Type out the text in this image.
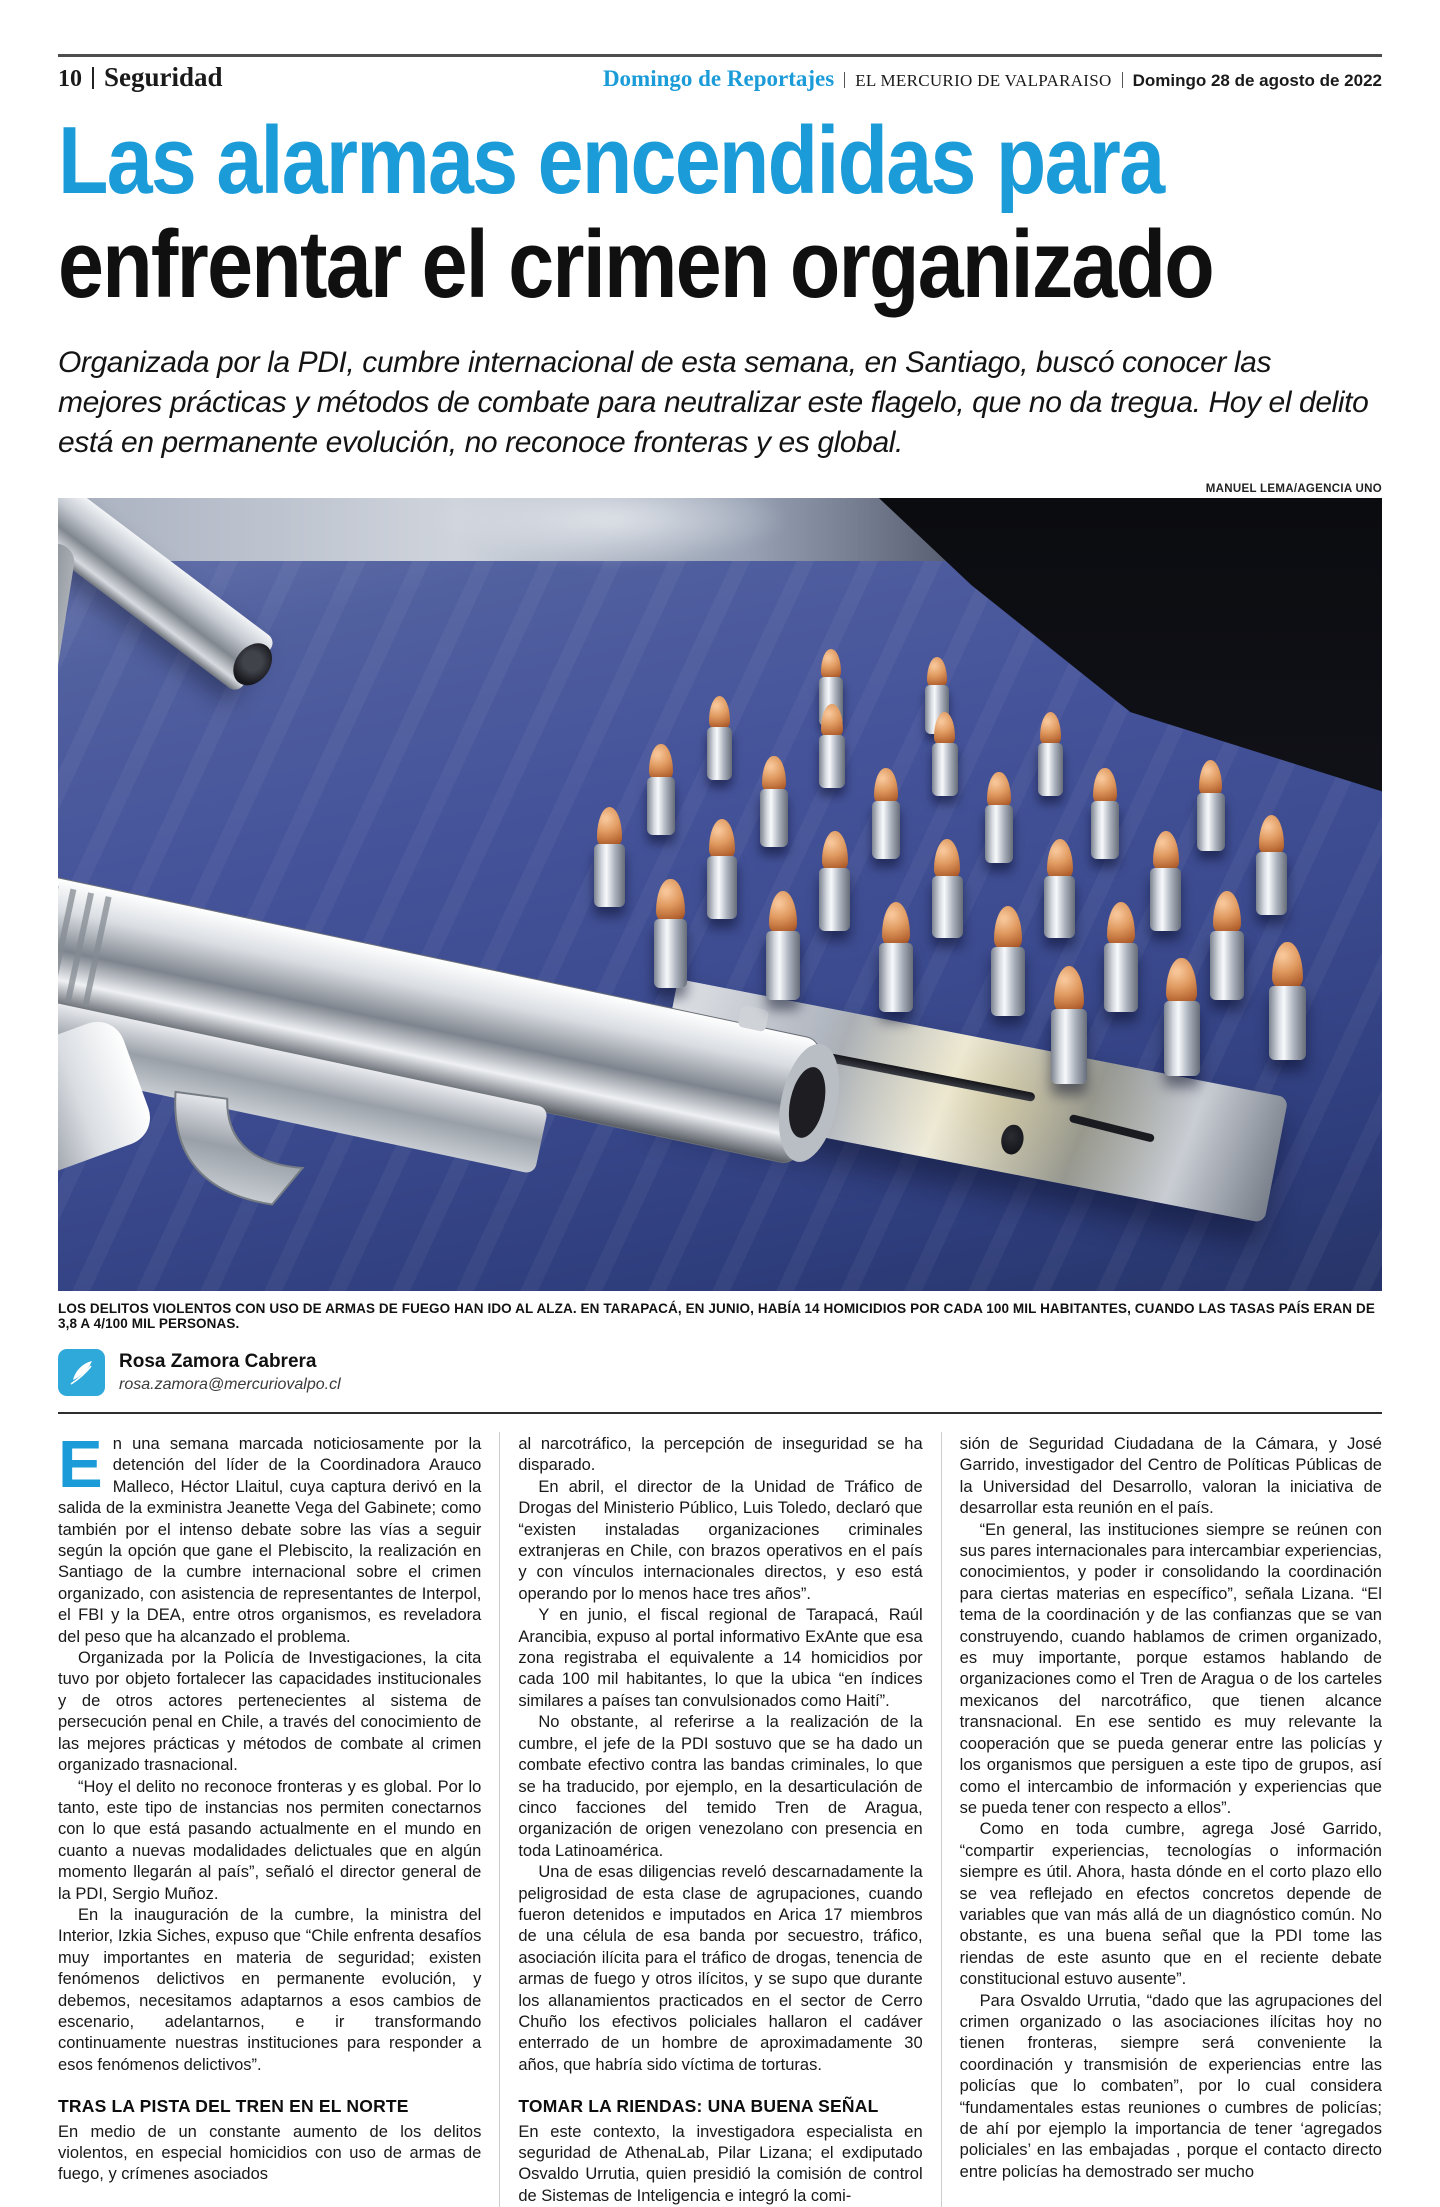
10 Seguridad	Domingo de Reportajes EL MERCURIO DE VALPARAISO Domingo 28 de agosto de 2022
Las alarmas encendidas para
enfrentar el crimen organizado

Organizada por la PDI, cumbre internacional de esta semana, en Santiago, buscó conocer las mejores prácticas y métodos de combate para neutralizar este flagelo, que no da tregua. Hoy el delito está en permanente evolución, no reconoce fronteras y es global.

MANUEL LEMA/AGENCIA UNO
LOS DELITOS VIOLENTOS CON USO DE ARMAS DE FUEGO HAN IDO AL ALZA. EN TARAPACÁ, EN JUNIO, HABÍA 14 HOMICIDIOS POR CADA 100 MIL HABITANTES, CUANDO LAS TASAS PAÍS ERAN DE 3,8 A 4/100 MIL PERSONAS.
Rosa Zamora Cabrera
rosa.zamora@mercuriovalpo.cl

En una semana marcada noticiosamente por la detención del líder de la Coordinadora Arauco Malleco, Héctor Llaitul, cuya captura derivó en la salida de la exministra Jeanette Vega del Gabinete; como también por el intenso debate sobre las vías a seguir según la opción que gane el Plebiscito, la realización en Santiago de la cumbre internacional sobre el crimen organizado, con asistencia de representantes de Interpol, el FBI y la DEA, entre otros organismos, es reveladora del peso que ha alcanzado el problema.

Organizada por la Policía de Investigaciones, la cita tuvo por objeto fortalecer las capacidades institucionales y de otros actores pertenecientes al sistema de persecución penal en Chile, a través del conocimiento de las mejores prácticas y métodos de combate al crimen organizado trasnacional.

“Hoy el delito no reconoce fronteras y es global. Por lo tanto, este tipo de instancias nos permiten conectarnos con lo que está pasando actualmente en el mundo en cuanto a nuevas modalidades delictuales que en algún momento llegarán al país”, señaló el director general de la PDI, Sergio Muñoz.

En la inauguración de la cumbre, la ministra del Interior, Izkia Siches, expuso que “Chile enfrenta desafíos muy importantes en materia de seguridad; existen fenómenos delictivos en permanente evolución, y debemos, necesitamos adaptarnos a esos cambios de escenario, adelantarnos, e ir transformando continuamente nuestras instituciones para responder a esos fenómenos delictivos”.

TRAS LA PISTA DEL TREN EN EL NORTE

En medio de un constante aumento de los delitos violentos, en especial homicidios con uso de armas de fuego, y crímenes asociados

al narcotráfico, la percepción de inseguridad se ha disparado.

En abril, el director de la Unidad de Tráfico de Drogas del Ministerio Público, Luis Toledo, declaró que “existen instaladas organizaciones criminales extranjeras en Chile, con brazos operativos en el país y con vínculos internacionales directos, y eso está operando por lo menos hace tres años”.

Y en junio, el fiscal regional de Tarapacá, Raúl Arancibia, expuso al portal informativo ExAnte que esa zona registraba el equivalente a 14 homicidios por cada 100 mil habitantes, lo que la ubica “en índices similares a países tan convulsionados como Haití”.

No obstante, al referirse a la realización de la cumbre, el jefe de la PDI sostuvo que se ha dado un combate efectivo contra las bandas criminales, lo que se ha traducido, por ejemplo, en la desarticulación de cinco facciones del temido Tren de Aragua, organización de origen venezolano con presencia en toda Latinoamérica.

Una de esas diligencias reveló descarnadamente la peligrosidad de esta clase de agrupaciones, cuando fueron detenidos e imputados en Arica 17 miembros de una célula de esa banda por secuestro, tráfico, asociación ilícita para el tráfico de drogas, tenencia de armas de fuego y otros ilícitos, y se supo que durante los allanamientos practicados en el sector de Cerro Chuño los efectivos policiales hallaron el cadáver enterrado de un hombre de aproximadamente 30 años, que habría sido víctima de torturas.

TOMAR LA RIENDAS: UNA BUENA SEÑAL

En este contexto, la investigadora especialista en seguridad de AthenaLab, Pilar Lizana; el exdiputado Osvaldo Urrutia, quien presidió la comisión de control de Sistemas de Inteligencia e integró la comi-

sión de Seguridad Ciudadana de la Cámara, y José Garrido, investigador del Centro de Políticas Públicas de la Universidad del Desarrollo, valoran la iniciativa de desarrollar esta reunión en el país.

“En general, las instituciones siempre se reúnen con sus pares internacionales para intercambiar experiencias, conocimientos, y poder ir consolidando la coordinación para ciertas materias en específico”, señala Lizana. “El tema de la coordinación y de las confianzas que se van construyendo, cuando hablamos de crimen organizado, es muy importante, porque estamos hablando de organizaciones como el Tren de Aragua o de los carteles mexicanos del narcotráfico, que tienen alcance transnacional. En ese sentido es muy relevante la cooperación que se pueda generar entre las policías y los organismos que persiguen a este tipo de grupos, así como el intercambio de información y experiencias que se pueda tener con respecto a ellos”.

Como en toda cumbre, agrega José Garrido, “compartir experiencias, tecnologías o información siempre es útil. Ahora, hasta dónde en el corto plazo ello se vea reflejado en efectos concretos depende de variables que van más allá de un diagnóstico común. No obstante, es una buena señal que la PDI tome las riendas de este asunto que en el reciente debate constitucional estuvo ausente”.

Para Osvaldo Urrutia, “dado que las agrupaciones del crimen organizado o las asociaciones ilícitas hoy no tienen fronteras, siempre será conveniente la coordinación y transmisión de experiencias entre las policías que lo combaten”, por lo cual considera “fundamentales estas reuniones o cumbres de policías; de ahí por ejemplo la importancia de tener ‘agregados policiales’ en las embajadas , porque el contacto directo entre policías ha demostrado ser mucho
